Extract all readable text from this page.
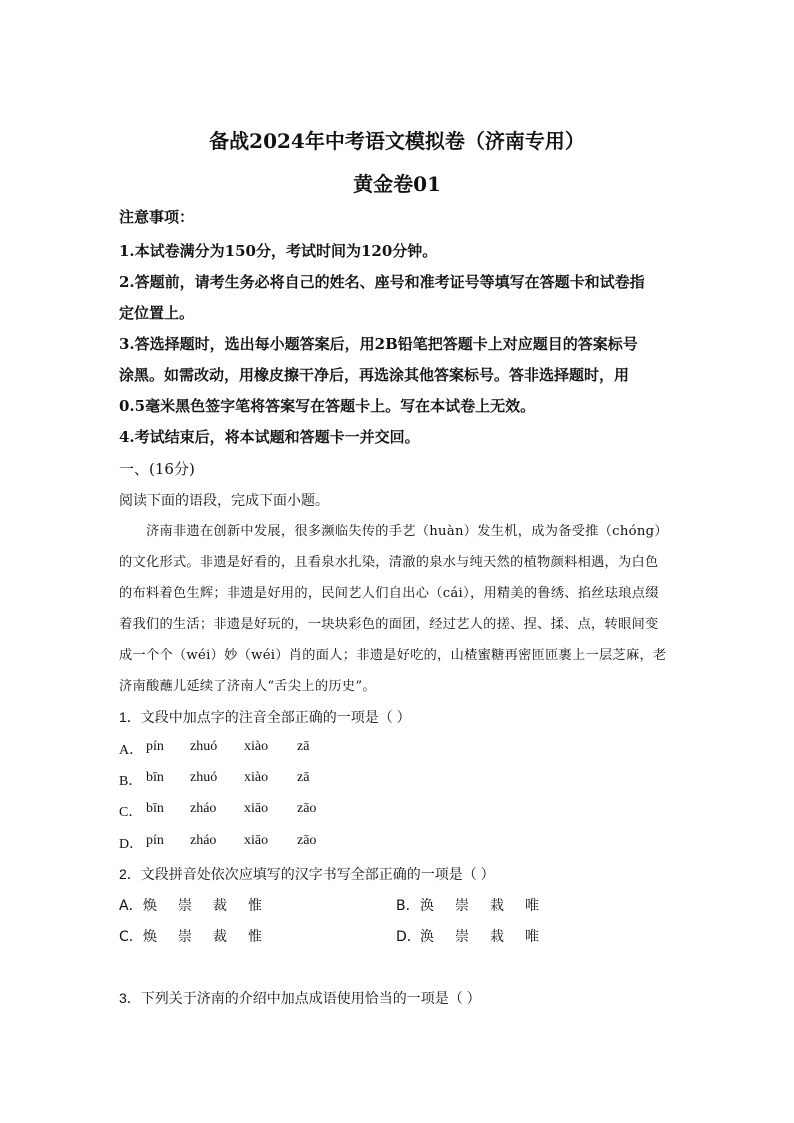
备战2024年中考语文模拟卷（济南专用）
黄金卷01
注意事项：
1.本试卷满分为150分，考试时间为120分钟。
2.答题前，请考生务必将自己的姓名、座号和准考证号等填写在答题卡和试卷指
定位置上。
3.答选择题时，选出每小题答案后，用2B铅笔把答题卡上对应题目的答案标号
涂黑。如需改动，用橡皮擦干净后，再选涂其他答案标号。答非选择题时，用
0.5毫米黑色签字笔将答案写在答题卡上。写在本试卷上无效。
4.考试结束后，将本试题和答题卡一并交回。
一、(16分)
阅读下面的语段，完成下面小题。
济南非遗在创新中发展，很多濒临失传的手艺（huàn）发生机，成为备受推（chóng）
的文化形式。非遗是好看的，且看泉水扎染，清澈的泉水与纯天然的植物颜料相遇，为白色
的布料着色生辉；非遗是好用的，民间艺人们自出心（cái），用精美的鲁绣、掐丝珐琅点缀
着我们的生活；非遗是好玩的，一块块彩色的面团，经过艺人的搓、捏、揉、点，转眼间变
成一个个（wéi）妙（wéi）肖的面人；非遗是好吃的，山楂蜜糖再密匝匝裹上一层芝麻，老
济南酸蘸儿延续了济南人“舌尖上的历史”。
1．文段中加点字的注音全部正确的一项是（ ）
A． pín zhuó xiào zā
B． bīn zhuó xiào zā
C． bīn zháo xiāo zāo
D． pín zháo xiāo zāo
2．文段拼音处依次应填写的汉字书写全部正确的一项是（ ）
A． 焕 崇 裁 惟	B． 涣 崇 栽 唯
C． 焕 崇 裁 惟	D． 涣 崇 栽 唯
3．下列关于济南的介绍中加点成语使用恰当的一项是（ ）
